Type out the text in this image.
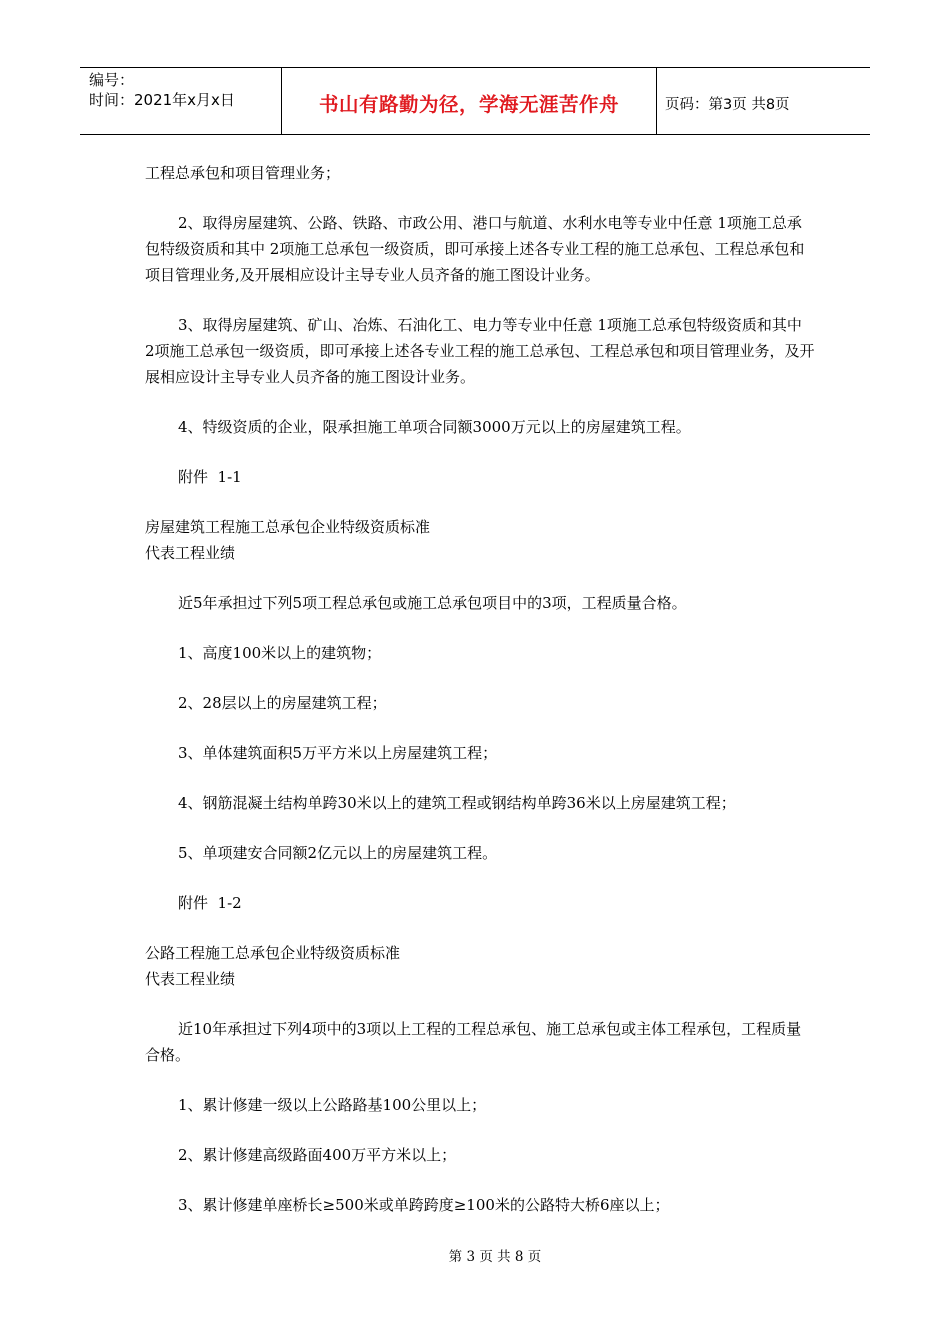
编号：
时间：2021年x月x日	书山有路勤为径，学海无涯苦作舟	页码：第3页 共8页

工程总承包和项目管理业务；

2、取得房屋建筑、公路、铁路、市政公用、港口与航道、水利水电等专业中任意 1项施工总承包特级资质和其中 2项施工总承包一级资质，即可承接上述各专业工程的施工总承包、工程总承包和项目管理业务,及开展相应设计主导专业人员齐备的施工图设计业务。

3、取得房屋建筑、矿山、冶炼、石油化工、电力等专业中任意 1项施工总承包特级资质和其中 2项施工总承包一级资质，即可承接上述各专业工程的施工总承包、工程总承包和项目管理业务，及开展相应设计主导专业人员齐备的施工图设计业务。

4、特级资质的企业，限承担施工单项合同额3000万元以上的房屋建筑工程。

附件  1-1

房屋建筑工程施工总承包企业特级资质标准

代表工程业绩

近5年承担过下列5项工程总承包或施工总承包项目中的3项，工程质量合格。

1、高度100米以上的建筑物；

2、28层以上的房屋建筑工程；

3、单体建筑面积5万平方米以上房屋建筑工程；

4、钢筋混凝土结构单跨30米以上的建筑工程或钢结构单跨36米以上房屋建筑工程；

5、单项建安合同额2亿元以上的房屋建筑工程。

附件  1-2

公路工程施工总承包企业特级资质标准

代表工程业绩

近10年承担过下列4项中的3项以上工程的工程总承包、施工总承包或主体工程承包，工程质量合格。

1、累计修建一级以上公路路基100公里以上；

2、累计修建高级路面400万平方米以上；

3、累计修建单座桥长≥500米或单跨跨度≥100米的公路特大桥6座以上；

第 3 页 共 8 页
